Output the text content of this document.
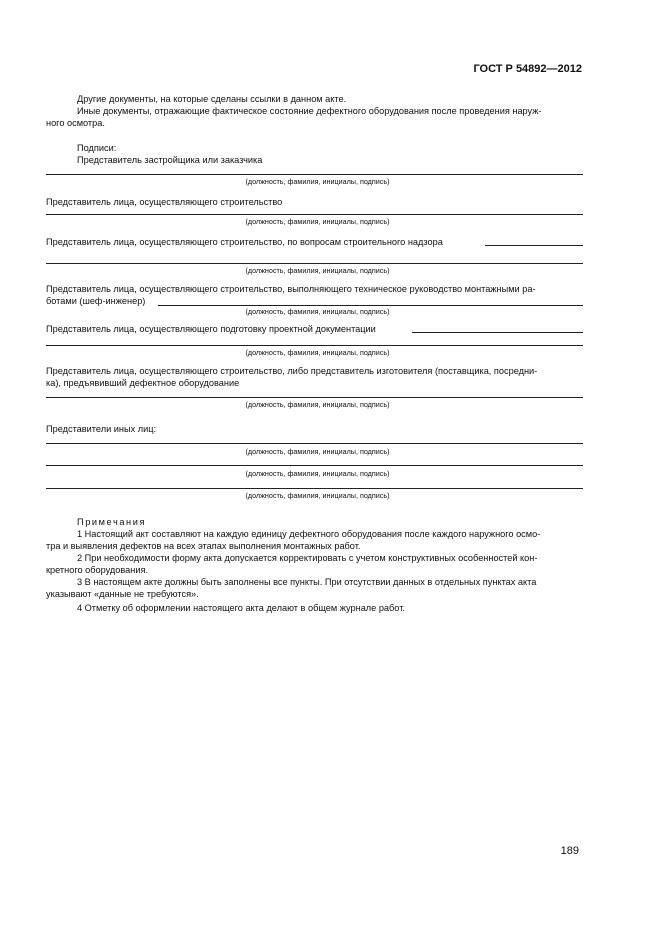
ГОСТ Р 54892—2012
Другие документы, на которые сделаны ссылки в данном акте.
Иные документы, отражающие фактическое состояние дефектного оборудования после проведения наруж-
ного осмотра.
Подписи:
Представитель застройщика или заказчика
(должность, фамилия, инициалы, подпись)
Представитель лица, осуществляющего строительство
(должность, фамилия, инициалы, подпись)
Представитель лица, осуществляющего строительство, по вопросам строительного надзора
(должность, фамилия, инициалы, подпись)
Представитель лица, осуществляющего строительство, выполняющего техническое руководство монтажными ра-
ботами (шеф-инженер)
(должность, фамилия, инициалы, подпись)
Представитель лица, осуществляющего подготовку проектной документации
(должность, фамилия, инициалы, подпись)
Представитель лица, осуществляющего строительство, либо представитель изготовителя (поставщика, посредни-
ка), предъявивший дефектное оборудование
(должность, фамилия, инициалы, подпись)
Представители иных лиц:
(должность, фамилия, инициалы, подпись)
(должность, фамилия, инициалы, подпись)
(должность, фамилия, инициалы, подпись)
Примечания
1 Настоящий акт составляют на каждую единицу дефектного оборудования после каждого наружного осмо-
тра и выявления дефектов на всех этапах выполнения монтажных работ.
2 При необходимости форму акта допускается корректировать с учетом конструктивных особенностей кон-
кретного оборудования.
3 В настоящем акте должны быть заполнены все пункты. При отсутствии данных в отдельных пунктах акта
указывают «данные не требуются».
4 Отметку об оформлении настоящего акта делают в общем журнале работ.
189
